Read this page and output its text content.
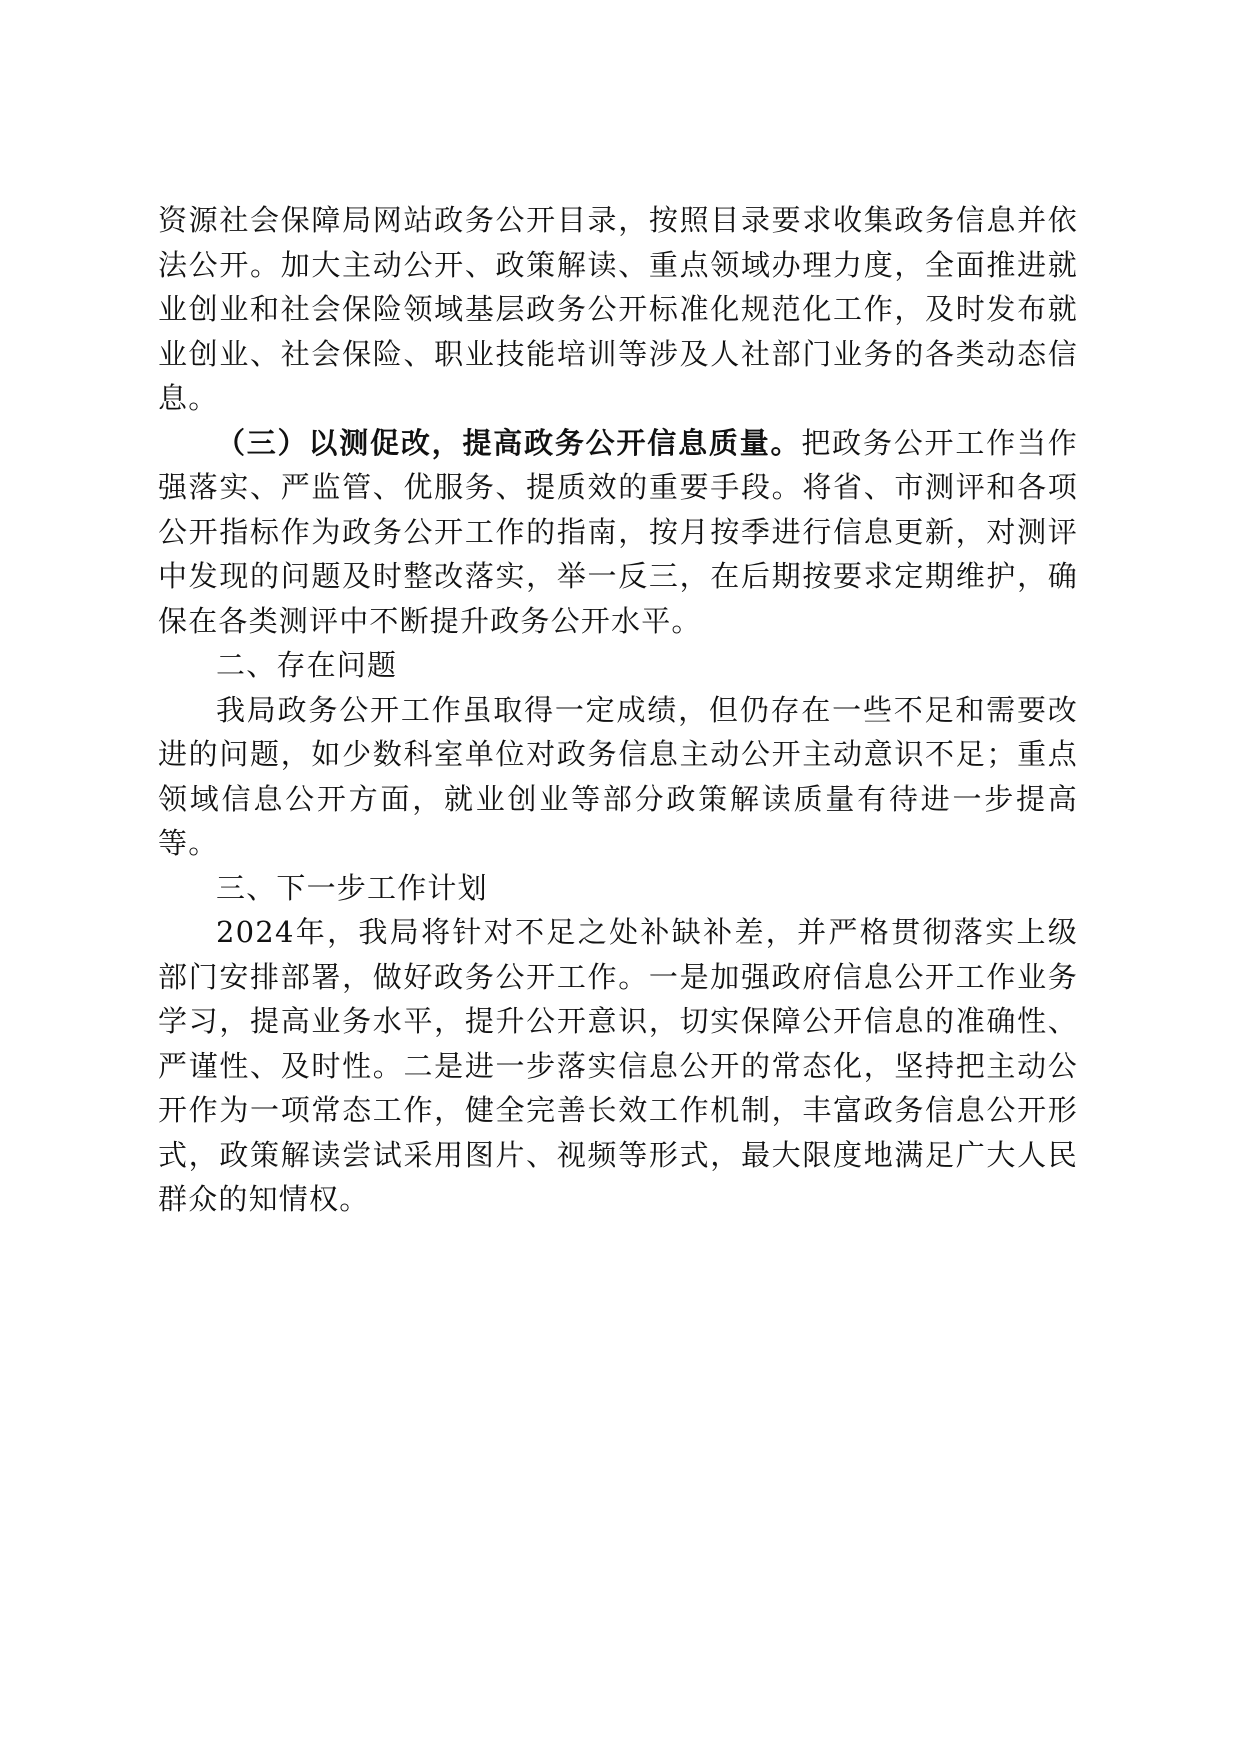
资源社会保障局网站政务公开目录，按照目录要求收集政务信息并依法公开。加大主动公开、政策解读、重点领域办理力度，全面推进就业创业和社会保险领域基层政务公开标准化规范化工作，及时发布就业创业、社会保险、职业技能培训等涉及人社部门业务的各类动态信息。

（三）以测促改，提高政务公开信息质量。把政务公开工作当作强落实、严监管、优服务、提质效的重要手段。将省、市测评和各项公开指标作为政务公开工作的指南，按月按季进行信息更新，对测评中发现的问题及时整改落实，举一反三，在后期按要求定期维护，确保在各类测评中不断提升政务公开水平。

二、存在问题

我局政务公开工作虽取得一定成绩，但仍存在一些不足和需要改进的问题，如少数科室单位对政务信息主动公开主动意识不足；重点领域信息公开方面，就业创业等部分政策解读质量有待进一步提高等。

三、下一步工作计划

2024年，我局将针对不足之处补缺补差，并严格贯彻落实上级部门安排部署，做好政务公开工作。一是加强政府信息公开工作业务学习，提高业务水平，提升公开意识，切实保障公开信息的准确性、严谨性、及时性。二是进一步落实信息公开的常态化，坚持把主动公开作为一项常态工作，健全完善长效工作机制，丰富政务信息公开形式，政策解读尝试采用图片、视频等形式，最大限度地满足广大人民群众的知情权。
